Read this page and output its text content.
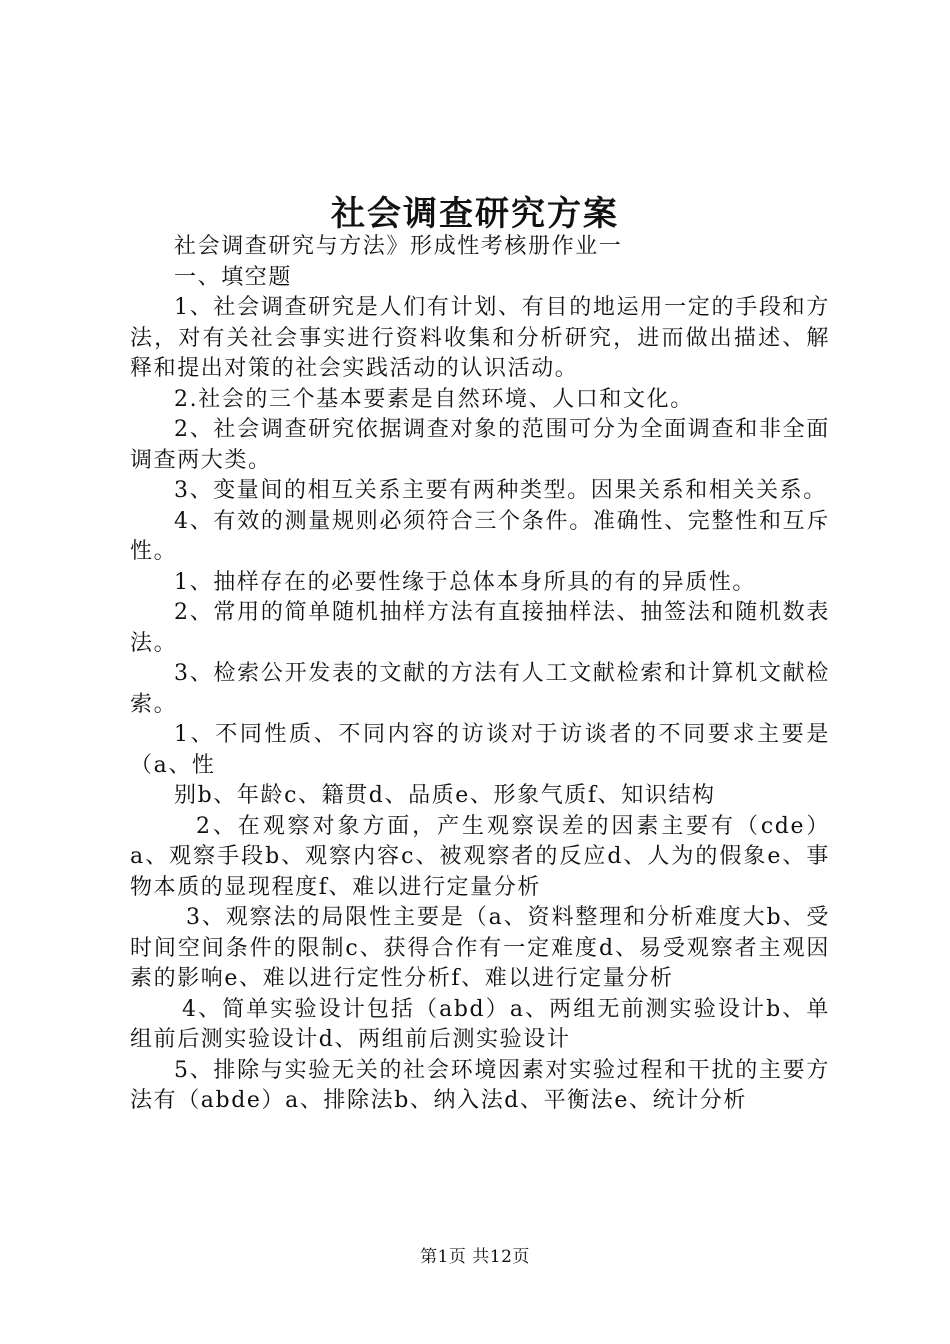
社会调查研究方案

社会调查研究与方法》形成性考核册作业一

一、填空题

1、社会调查研究是人们有计划、有目的地运用一定的手段和方法，对有关社会事实进行资料收集和分析研究，进而做出描述、解释和提出对策的社会实践活动的认识活动。

2.社会的三个基本要素是自然环境、人口和文化。

2、社会调查研究依据调查对象的范围可分为全面调查和非全面调查两大类。

3、变量间的相互关系主要有两种类型。因果关系和相关关系。

4、有效的测量规则必须符合三个条件。准确性、完整性和互斥性。

1、抽样存在的必要性缘于总体本身所具的有的异质性。

2、常用的简单随机抽样方法有直接抽样法、抽签法和随机数表法。

3、检索公开发表的文献的方法有人工文献检索和计算机文献检索。

1、不同性质、不同内容的访谈对于访谈者的不同要求主要是（a、性

别b、年龄c、籍贯d、品质e、形象气质f、知识结构

2、在观察对象方面，产生观察误差的因素主要有（cde）a、观察手段b、观察内容c、被观察者的反应d、人为的假象e、事物本质的显现程度f、难以进行定量分析

3、观察法的局限性主要是（a、资料整理和分析难度大b、受时间空间条件的限制c、获得合作有一定难度d、易受观察者主观因素的影响e、难以进行定性分析f、难以进行定量分析

4、简单实验设计包括（abd）a、两组无前测实验设计b、单组前后测实验设计d、两组前后测实验设计

5、排除与实验无关的社会环境因素对实验过程和干扰的主要方法有（abde）a、排除法b、纳入法d、平衡法e、统计分析

第1页 共12页
